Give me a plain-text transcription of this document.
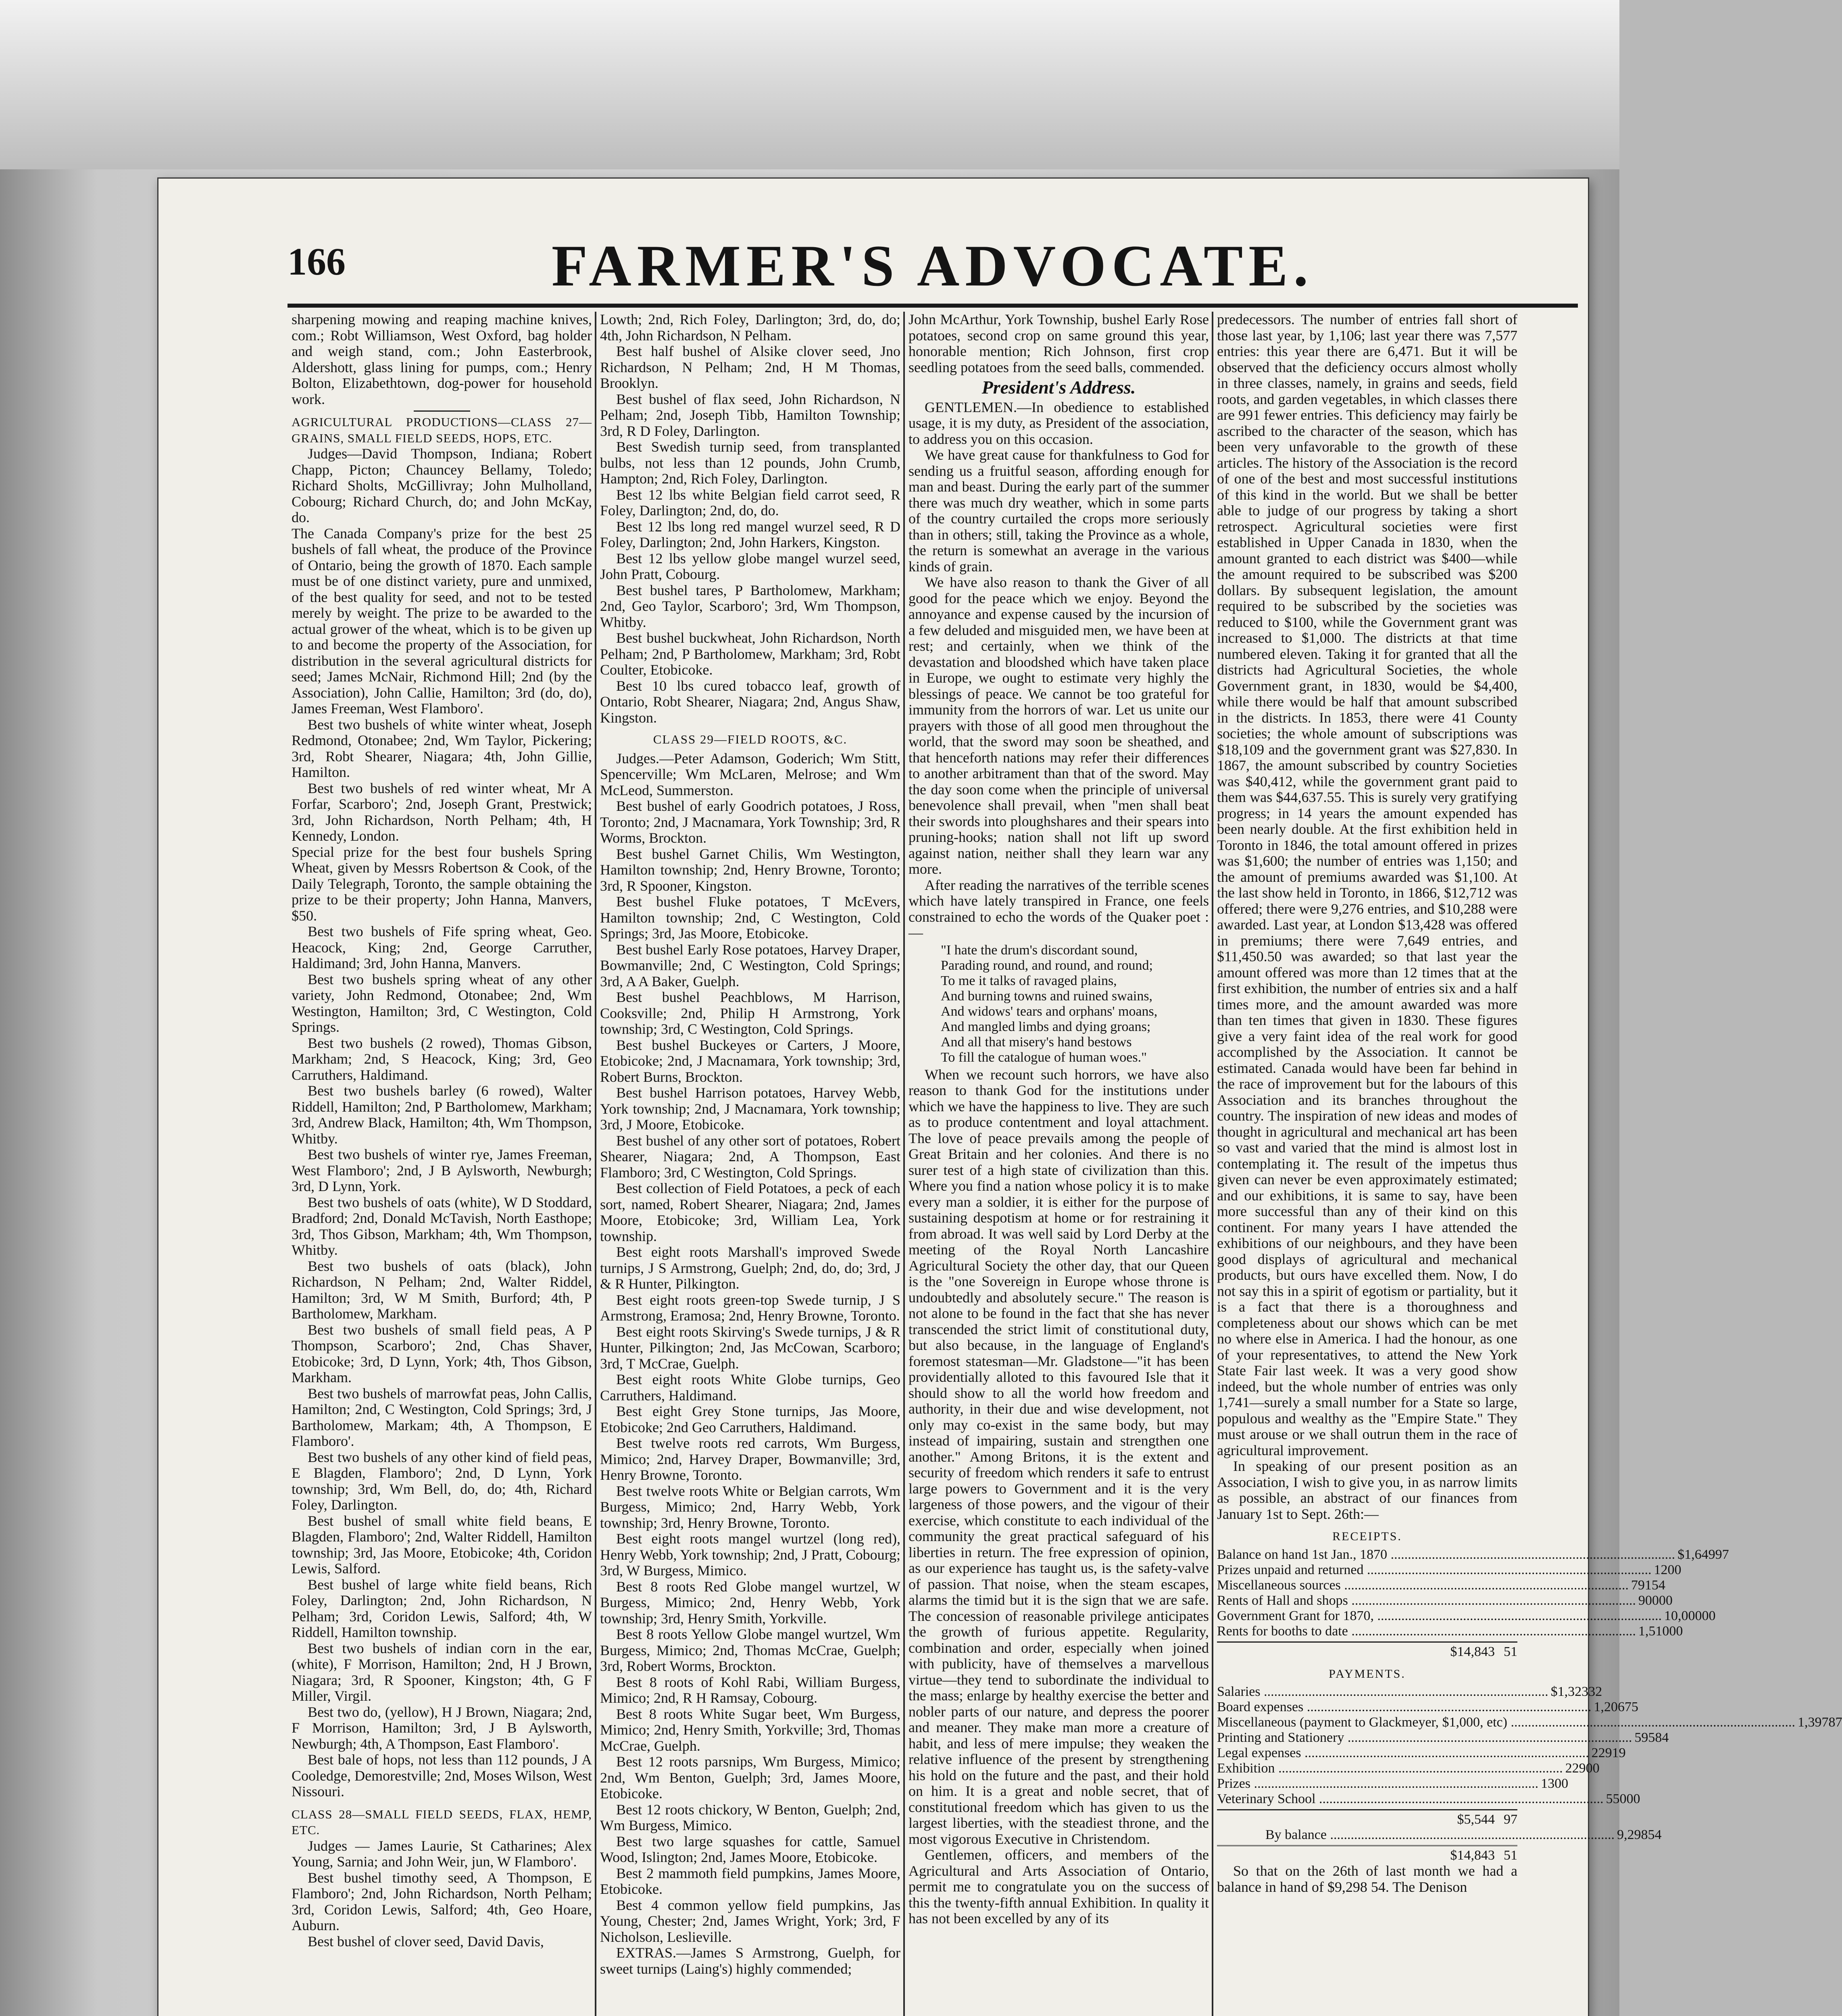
166	FARMER'S ADVOCATE.

sharpening mowing and reaping machine knives, com.; Robt Williamson, West Oxford, bag holder and weigh stand, com.; John Easterbrook, Aldershott, glass lining for pumps, com.; Henry Bolton, Elizabethtown, dog-power for household work.

AGRICULTURAL PRODUCTIONS—CLASS 27—GRAINS, SMALL FIELD SEEDS, HOPS, ETC.

Judges—David Thompson, Indiana; Robert Chapp, Picton; Chauncey Bellamy, Toledo; Richard Sholts, McGillivray; John Mulholland, Cobourg; Richard Church, do; and John McKay, do.

The Canada Company's prize for the best 25 bushels of fall wheat, the produce of the Province of Ontario, being the growth of 1870. Each sample must be of one distinct variety, pure and unmixed, of the best quality for seed, and not to be tested merely by weight. The prize to be awarded to the actual grower of the wheat, which is to be given up to and become the property of the Association, for distribution in the several agricultural districts for seed; James McNair, Richmond Hill; 2nd (by the Association), John Callie, Hamilton; 3rd (do, do), James Freeman, West Flamboro'.

Best two bushels of white winter wheat, Joseph Redmond, Otonabee; 2nd, Wm Taylor, Pickering; 3rd, Robt Shearer, Niagara; 4th, John Gillie, Hamilton.

Best two bushels of red winter wheat, Mr A Forfar, Scarboro'; 2nd, Joseph Grant, Prestwick; 3rd, John Richardson, North Pelham; 4th, H Kennedy, London.

Special prize for the best four bushels Spring Wheat, given by Messrs Robertson & Cook, of the Daily Telegraph, Toronto, the sample obtaining the prize to be their property; John Hanna, Manvers, $50.

Best two bushels of Fife spring wheat, Geo. Heacock, King; 2nd, George Carruther, Haldimand; 3rd, John Hanna, Manvers.

Best two bushels spring wheat of any other variety, John Redmond, Otonabee; 2nd, Wm Westington, Hamilton; 3rd, C Westington, Cold Springs.

Best two bushels (2 rowed), Thomas Gibson, Markham; 2nd, S Heacock, King; 3rd, Geo Carruthers, Haldimand.

Best two bushels barley (6 rowed), Walter Riddell, Hamilton; 2nd, P Bartholomew, Markham; 3rd, Andrew Black, Hamilton; 4th, Wm Thompson, Whitby.

Best two bushels of winter rye, James Freeman, West Flamboro'; 2nd, J B Aylsworth, Newburgh; 3rd, D Lynn, York.

Best two bushels of oats (white), W D Stoddard, Bradford; 2nd, Donald McTavish, North Easthope; 3rd, Thos Gibson, Markham; 4th, Wm Thompson, Whitby.

Best two bushels of oats (black), John Richardson, N Pelham; 2nd, Walter Riddel, Hamilton; 3rd, W M Smith, Burford; 4th, P Bartholomew, Markham.

Best two bushels of small field peas, A P Thompson, Scarboro'; 2nd, Chas Shaver, Etobicoke; 3rd, D Lynn, York; 4th, Thos Gibson, Markham.

Best two bushels of marrowfat peas, John Callis, Hamilton; 2nd, C Westington, Cold Springs; 3rd, J Bartholomew, Markam; 4th, A Thompson, E Flamboro'.

Best two bushels of any other kind of field peas, E Blagden, Flamboro'; 2nd, D Lynn, York township; 3rd, Wm Bell, do, do; 4th, Richard Foley, Darlington.

Best bushel of small white field beans, E Blagden, Flamboro'; 2nd, Walter Riddell, Hamilton township; 3rd, Jas Moore, Etobicoke; 4th, Coridon Lewis, Salford.

Best bushel of large white field beans, Rich Foley, Darlington; 2nd, John Richardson, N Pelham; 3rd, Coridon Lewis, Salford; 4th, W Riddell, Hamilton township.

Best two bushels of indian corn in the ear, (white), F Morrison, Hamilton; 2nd, H J Brown, Niagara; 3rd, R Spooner, Kingston; 4th, G F Miller, Virgil.

Best two do, (yellow), H J Brown, Niagara; 2nd, F Morrison, Hamilton; 3rd, J B Aylsworth, Newburgh; 4th, A Thompson, East Flamboro'.

Best bale of hops, not less than 112 pounds, J A Cooledge, Demorestville; 2nd, Moses Wilson, West Nissouri.

CLASS 28—SMALL FIELD SEEDS, FLAX, HEMP, ETC.

Judges — James Laurie, St Catharines; Alex Young, Sarnia; and John Weir, jun, W Flamboro'.

Best bushel timothy seed, A Thompson, E Flamboro'; 2nd, John Richardson, North Pelham; 3rd, Coridon Lewis, Salford; 4th, Geo Hoare, Auburn.

Best bushel of clover seed, David Davis,

Lowth; 2nd, Rich Foley, Darlington; 3rd, do, do; 4th, John Richardson, N Pelham.

Best half bushel of Alsike clover seed, Jno Richardson, N Pelham; 2nd, H M Thomas, Brooklyn.

Best bushel of flax seed, John Richardson, N Pelham; 2nd, Joseph Tibb, Hamilton Township; 3rd, R D Foley, Darlington.

Best Swedish turnip seed, from transplanted bulbs, not less than 12 pounds, John Crumb, Hampton; 2nd, Rich Foley, Darlington.

Best 12 lbs white Belgian field carrot seed, R Foley, Darlington; 2nd, do, do.

Best 12 lbs long red mangel wurzel seed, R D Foley, Darlington; 2nd, John Harkers, Kingston.

Best 12 lbs yellow globe mangel wurzel seed, John Pratt, Cobourg.

Best bushel tares, P Bartholomew, Markham; 2nd, Geo Taylor, Scarboro'; 3rd, Wm Thompson, Whitby.

Best bushel buckwheat, John Richardson, North Pelham; 2nd, P Bartholomew, Markham; 3rd, Robt Coulter, Etobicoke.

Best 10 lbs cured tobacco leaf, growth of Ontario, Robt Shearer, Niagara; 2nd, Angus Shaw, Kingston.

CLASS 29—FIELD ROOTS, &C.

Judges.—Peter Adamson, Goderich; Wm Stitt, Spencerville; Wm McLaren, Melrose; and Wm McLeod, Summerston.

Best bushel of early Goodrich potatoes, J Ross, Toronto; 2nd, J Macnamara, York Township; 3rd, R Worms, Brockton.

Best bushel Garnet Chilis, Wm Westington, Hamilton township; 2nd, Henry Browne, Toronto; 3rd, R Spooner, Kingston.

Best bushel Fluke potatoes, T McEvers, Hamilton township; 2nd, C Westington, Cold Springs; 3rd, Jas Moore, Etobicoke.

Best bushel Early Rose potatoes, Harvey Draper, Bowmanville; 2nd, C Westington, Cold Springs; 3rd, A A Baker, Guelph.

Best bushel Peachblows, M Harrison, Cooksville; 2nd, Philip H Armstrong, York township; 3rd, C Westington, Cold Springs.

Best bushel Buckeyes or Carters, J Moore, Etobicoke; 2nd, J Macnamara, York township; 3rd, Robert Burns, Brockton.

Best bushel Harrison potatoes, Harvey Webb, York township; 2nd, J Macnamara, York township; 3rd, J Moore, Etobicoke.

Best bushel of any other sort of potatoes, Robert Shearer, Niagara; 2nd, A Thompson, East Flamboro; 3rd, C Westington, Cold Springs.

Best collection of Field Potatoes, a peck of each sort, named, Robert Shearer, Niagara; 2nd, James Moore, Etobicoke; 3rd, William Lea, York township.

Best eight roots Marshall's improved Swede turnips, J S Armstrong, Guelph; 2nd, do, do; 3rd, J & R Hunter, Pilkington.

Best eight roots green-top Swede turnip, J S Armstrong, Eramosa; 2nd, Henry Browne, Toronto.

Best eight roots Skirving's Swede turnips, J & R Hunter, Pilkington; 2nd, Jas McCowan, Scarboro; 3rd, T McCrae, Guelph.

Best eight roots White Globe turnips, Geo Carruthers, Haldimand.

Best eight Grey Stone turnips, Jas Moore, Etobicoke; 2nd Geo Carruthers, Haldimand.

Best twelve roots red carrots, Wm Burgess, Mimico; 2nd, Harvey Draper, Bowmanville; 3rd, Henry Browne, Toronto.

Best twelve roots White or Belgian carrots, Wm Burgess, Mimico; 2nd, Harry Webb, York township; 3rd, Henry Browne, Toronto.

Best eight roots mangel wurtzel (long red), Henry Webb, York township; 2nd, J Pratt, Cobourg; 3rd, W Burgess, Mimico.

Best 8 roots Red Globe mangel wurtzel, W Burgess, Mimico; 2nd, Henry Webb, York township; 3rd, Henry Smith, Yorkville.

Best 8 roots Yellow Globe mangel wurtzel, Wm Burgess, Mimico; 2nd, Thomas McCrae, Guelph; 3rd, Robert Worms, Brockton.

Best 8 roots of Kohl Rabi, William Burgess, Mimico; 2nd, R H Ramsay, Cobourg.

Best 8 roots White Sugar beet, Wm Burgess, Mimico; 2nd, Henry Smith, Yorkville; 3rd, Thomas McCrae, Guelph.

Best 12 roots parsnips, Wm Burgess, Mimico; 2nd, Wm Benton, Guelph; 3rd, James Moore, Etobicoke.

Best 12 roots chickory, W Benton, Guelph; 2nd, Wm Burgess, Mimico.

Best two large squashes for cattle, Samuel Wood, Islington; 2nd, James Moore, Etobicoke.

Best 2 mammoth field pumpkins, James Moore, Etobicoke.

Best 4 common yellow field pumpkins, Jas Young, Chester; 2nd, James Wright, York; 3rd, F Nicholson, Leslieville.

EXTRAS.—James S Armstrong, Guelph, for sweet turnips (Laing's) highly commended;

John McArthur, York Township, bushel Early Rose potatoes, second crop on same ground this year, honorable mention; Rich Johnson, first crop seedling potatoes from the seed balls, commended.

President's Address.

GENTLEMEN.—In obedience to established usage, it is my duty, as President of the association, to address you on this occasion.

We have great cause for thankfulness to God for sending us a fruitful season, affording enough for man and beast. During the early part of the summer there was much dry weather, which in some parts of the country curtailed the crops more seriously than in others; still, taking the Province as a whole, the return is somewhat an average in the various kinds of grain.

We have also reason to thank the Giver of all good for the peace which we enjoy. Beyond the annoyance and expense caused by the incursion of a few deluded and misguided men, we have been at rest; and certainly, when we think of the devastation and bloodshed which have taken place in Europe, we ought to estimate very highly the blessings of peace. We cannot be too grateful for immunity from the horrors of war. Let us unite our prayers with those of all good men throughout the world, that the sword may soon be sheathed, and that henceforth nations may refer their differences to another arbitrament than that of the sword. May the day soon come when the principle of universal benevolence shall prevail, when "men shall beat their swords into ploughshares and their spears into pruning-hooks; nation shall not lift up sword against nation, neither shall they learn war any more.

After reading the narratives of the terrible scenes which have lately transpired in France, one feels constrained to echo the words of the Quaker poet :—

"I hate the drum's discordant sound,
Parading round, and round, and round;
To me it talks of ravaged plains,
And burning towns and ruined swains,
And widows' tears and orphans' moans,
And mangled limbs and dying groans;
And all that misery's hand bestows
To fill the catalogue of human woes."

When we recount such horrors, we have also reason to thank God for the institutions under which we have the happiness to live. They are such as to produce contentment and loyal attachment. The love of peace prevails among the people of Great Britain and her colonies. And there is no surer test of a high state of civilization than this. Where you find a nation whose policy it is to make every man a soldier, it is either for the purpose of sustaining despotism at home or for restraining it from abroad. It was well said by Lord Derby at the meeting of the Royal North Lancashire Agricultural Society the other day, that our Queen is the "one Sovereign in Europe whose throne is undoubtedly and absolutely secure." The reason is not alone to be found in the fact that she has never transcended the strict limit of constitutional duty, but also because, in the language of England's foremost statesman—Mr. Gladstone—"it has been providentially alloted to this favoured Isle that it should show to all the world how freedom and authority, in their due and wise development, not only may co-exist in the same body, but may instead of impairing, sustain and strengthen one another." Among Britons, it is the extent and security of freedom which renders it safe to entrust large powers to Government and it is the very largeness of those powers, and the vigour of their exercise, which constitute to each individual of the community the great practical safeguard of his liberties in return. The free expression of opinion, as our experience has taught us, is the safety-valve of passion. That noise, when the steam escapes, alarms the timid but it is the sign that we are safe. The concession of reasonable privilege anticipates the growth of furious appetite. Regularity, combination and order, especially when joined with publicity, have of themselves a marvellous virtue—they tend to subordinate the individual to the mass; enlarge by healthy exercise the better and nobler parts of our nature, and depress the poorer and meaner. They make man more a creature of habit, and less of mere impulse; they weaken the relative influence of the present by strengthening his hold on the future and the past, and their hold on him. It is a great and noble secret, that of constitutional freedom which has given to us the largest liberties, with the steadiest throne, and the most vigorous Executive in Christendom.

Gentlemen, officers, and members of the Agricultural and Arts Association of Ontario, permit me to congratulate you on the success of this the twenty-fifth annual Exhibition. In quality it has not been excelled by any of its

predecessors. The number of entries fall short of those last year, by 1,106; last year there was 7,577 entries: this year there are 6,471. But it will be observed that the deficiency occurs almost wholly in three classes, namely, in grains and seeds, field roots, and garden vegetables, in which classes there are 991 fewer entries. This deficiency may fairly be ascribed to the character of the season, which has been very unfavorable to the growth of these articles. The history of the Association is the record of one of the best and most successful institutions of this kind in the world. But we shall be better able to judge of our progress by taking a short retrospect. Agricultural societies were first established in Upper Canada in 1830, when the amount granted to each district was $400—while the amount required to be subscribed was $200 dollars. By subsequent legislation, the amount required to be subscribed by the societies was reduced to $100, while the Government grant was increased to $1,000. The districts at that time numbered eleven. Taking it for granted that all the districts had Agricultural Societies, the whole Government grant, in 1830, would be $4,400, while there would be half that amount subscribed in the districts. In 1853, there were 41 County societies; the whole amount of subscriptions was $18,109 and the government grant was $27,830. In 1867, the amount subscribed by country Societies was $40,412, while the government grant paid to them was $44,637.55. This is surely very gratifying progress; in 14 years the amount expended has been nearly double. At the first exhibition held in Toronto in 1846, the total amount offered in prizes was $1,600; the number of entries was 1,150; and the amount of premiums awarded was $1,100. At the last show held in Toronto, in 1866, $12,712 was offered; there were 9,276 entries, and $10,288 were awarded. Last year, at London $13,428 was offered in premiums; there were 7,649 entries, and $11,450.50 was awarded; so that last year the amount offered was more than 12 times that at the first exhibition, the number of entries six and a half times more, and the amount awarded was more than ten times that given in 1830. These figures give a very faint idea of the real work for good accomplished by the Association. It cannot be estimated. Canada would have been far behind in the race of improvement but for the labours of this Association and its branches throughout the country. The inspiration of new ideas and modes of thought in agricultural and mechanical art has been so vast and varied that the mind is almost lost in contemplating it. The result of the impetus thus given can never be even approximately estimated; and our exhibitions, it is same to say, have been more successful than any of their kind on this continent. For many years I have attended the exhibitions of our neighbours, and they have been good displays of agricultural and mechanical products, but ours have excelled them. Now, I do not say this in a spirit of egotism or partiality, but it is a fact that there is a thoroughness and completeness about our shows which can be met no where else in America. I had the honour, as one of your representatives, to attend the New York State Fair last week. It was a very good show indeed, but the whole number of entries was only 1,741—surely a small number for a State so large, populous and wealthy as the "Empire State." They must arouse or we shall outrun them in the race of agricultural improvement.

In speaking of our present position as an Association, I wish to give you, in as narrow limits as possible, an abstract of our finances from January 1st to Sept. 26th:—

RECEIPTS.
Balance on hand 1st Jan., 1870 .....	$1,649 97
Prizes unpaid and returned .....	12 00
Miscellaneous sources .....	791 54
Rents of Hall and shops .....	900 00
Government Grant for 1870, .....	10,000 00
Rents for booths to date .....	1,510 00
$14,843 51
PAYMENTS.
Salaries .....	$1,323 32
Board expenses .....	1,206 75
Miscellaneous (payment to Glackmeyer, $1,000, etc) .....	1,397 87
Printing and Stationery .....	595 84
Legal expenses .....	229 19
Exhibition .....	229 00
Prizes .....	13 00
Veterinary School .....	550 00
$5,544 97
By balance .....	9,298 54
$14,843 51

So that on the 26th of last month we had a balance in hand of $9,298 54. The Denison
